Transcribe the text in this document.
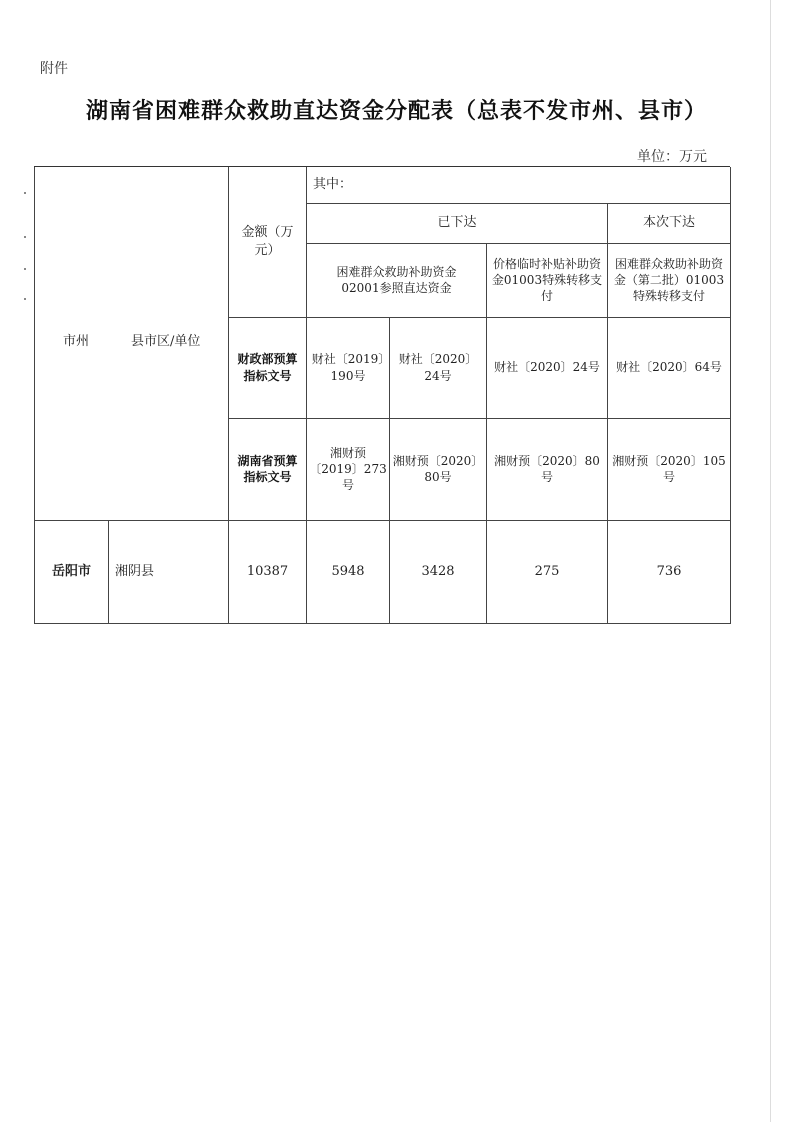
附件
湖南省困难群众救助直达资金分配表（总表不发市州、县市）
单位：万元
市州 县市区/单位		金额（万元）	其中：			
			已下达			本次下达
			困难群众救助补助资金02001参照直达资金		价格临时补贴补助资金01003特殊转移支付	困难群众救助补助资金（第二批）01003特殊转移支付
		财政部预算指标文号	财社〔2019〕190号	财社〔2020〕24号	财社〔2020〕24号	财社〔2020〕64号
		湖南省预算指标文号	湘财预〔2019〕273号	湘财预〔2020〕80号	湘财预〔2020〕80号	湘财预〔2020〕105号
岳阳市	湘阴县	10387	5948	3428	275	736
